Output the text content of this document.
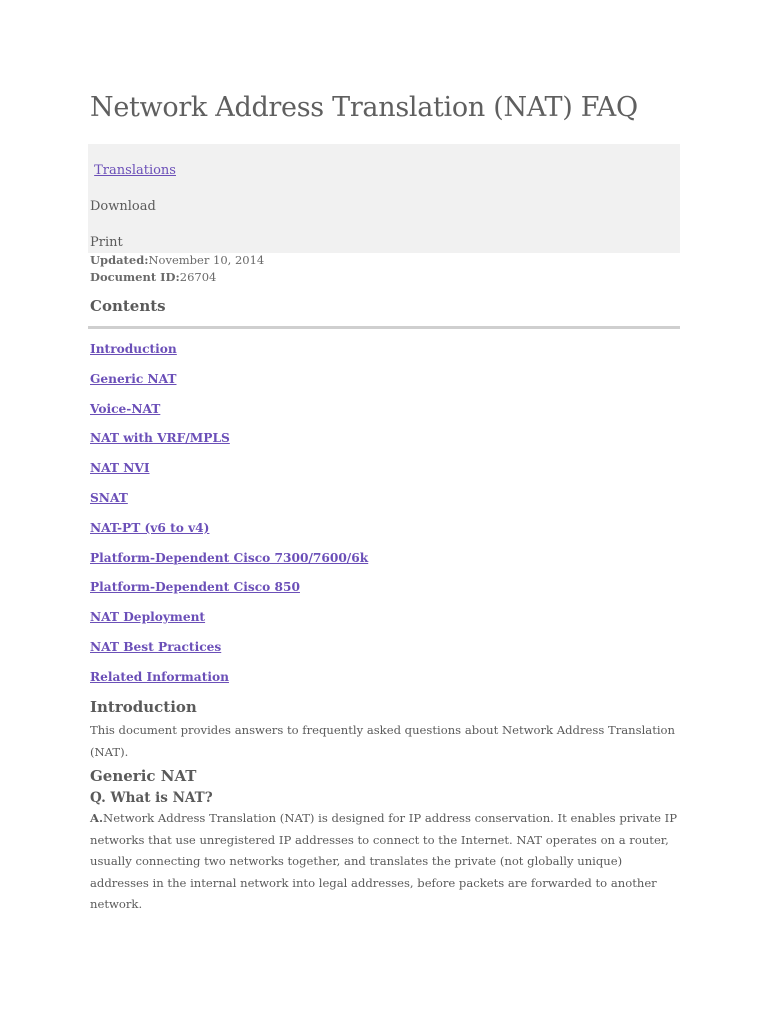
Network Address Translation (NAT) FAQ
Translations
Download
Print
Updated:November 10, 2014
Document ID:26704
Contents
Introduction
Generic NAT
Voice-NAT
NAT with VRF/MPLS
NAT NVI
SNAT
NAT-PT (v6 to v4)
Platform-Dependent Cisco 7300/7600/6k
Platform-Dependent Cisco 850
NAT Deployment
NAT Best Practices
Related Information
Introduction

This document provides answers to frequently asked questions about Network Address Translation (NAT).

Generic NAT
Q. What is NAT?

A.Network Address Translation (NAT) is designed for IP address conservation. It enables private IP networks that use unregistered IP addresses to connect to the Internet. NAT operates on a router, usually connecting two networks together, and translates the private (not globally unique) addresses in the internal network into legal addresses, before packets are forwarded to another network.
